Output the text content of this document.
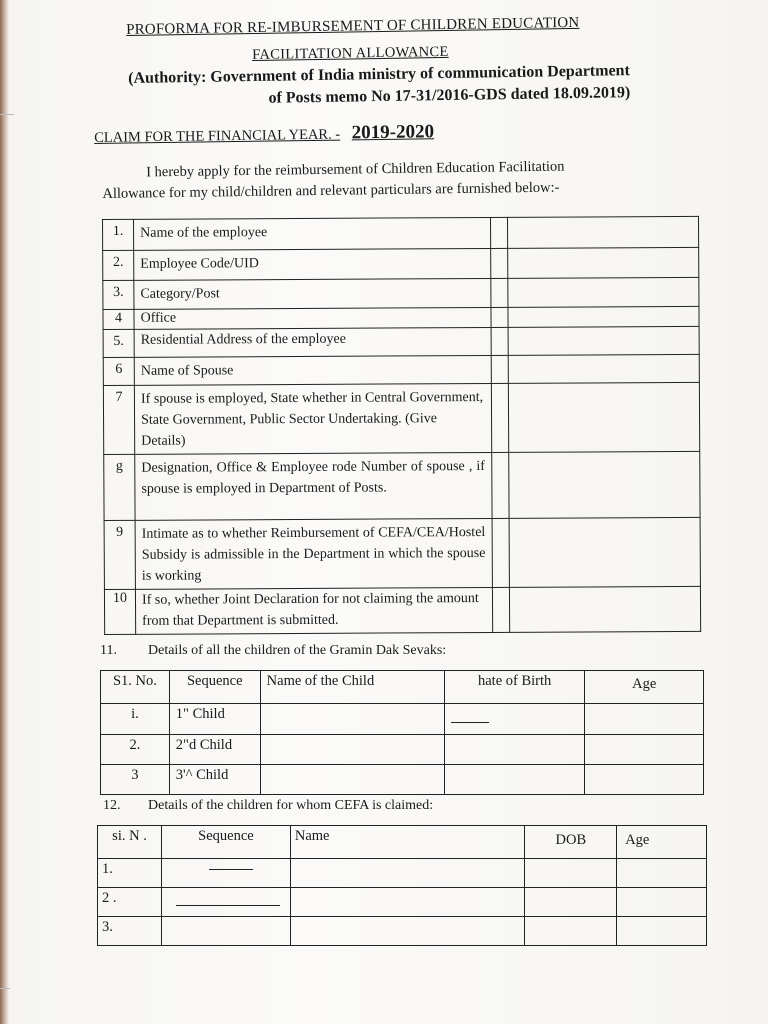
PROFORMA FOR RE-IMBURSEMENT OF CHILDREN EDUCATION
FACILITATION ALLOWANCE
(Authority: Government of India ministry of communication Department
of Posts memo No 17-31/2016-GDS dated 18.09.2019)
CLAIM FOR THE FINANCIAL YEAR. - 2019-2020
I hereby apply for the reimbursement of Children Education Facilitation
Allowance for my child/children and relevant particulars are furnished below:-
1.	Name of the employee		
2.	Employee Code/UID		
3.	Category/Post		
4	Office		
5.	Residential Address of the employee		
6	Name of Spouse		
7	If spouse is employed, State whether in Central Government, State Government, Public Sector Undertaking. (Give Details)		
g	Designation, Office & Employee rode Number of spouse , if spouse is employed in Department of Posts.		
9	Intimate as to whether Reimbursement of CEFA/CEA/Hostel Subsidy is admissible in the Department in which the spouse is working		
10	If so, whether Joint Declaration for not claiming the amount from that Department is submitted.		
11. Details of all the children of the Gramin Dak Sevaks:
S1. No.	Sequence	Name of the Child	hate of Birth	Age
i.	1" Child			
2.	2"d Child			
3	3'^ Child			
12. Details of the children for whom CEFA is claimed:
si. N .	Sequence	Name	DOB	Age
1.				
2 .				
3.				
